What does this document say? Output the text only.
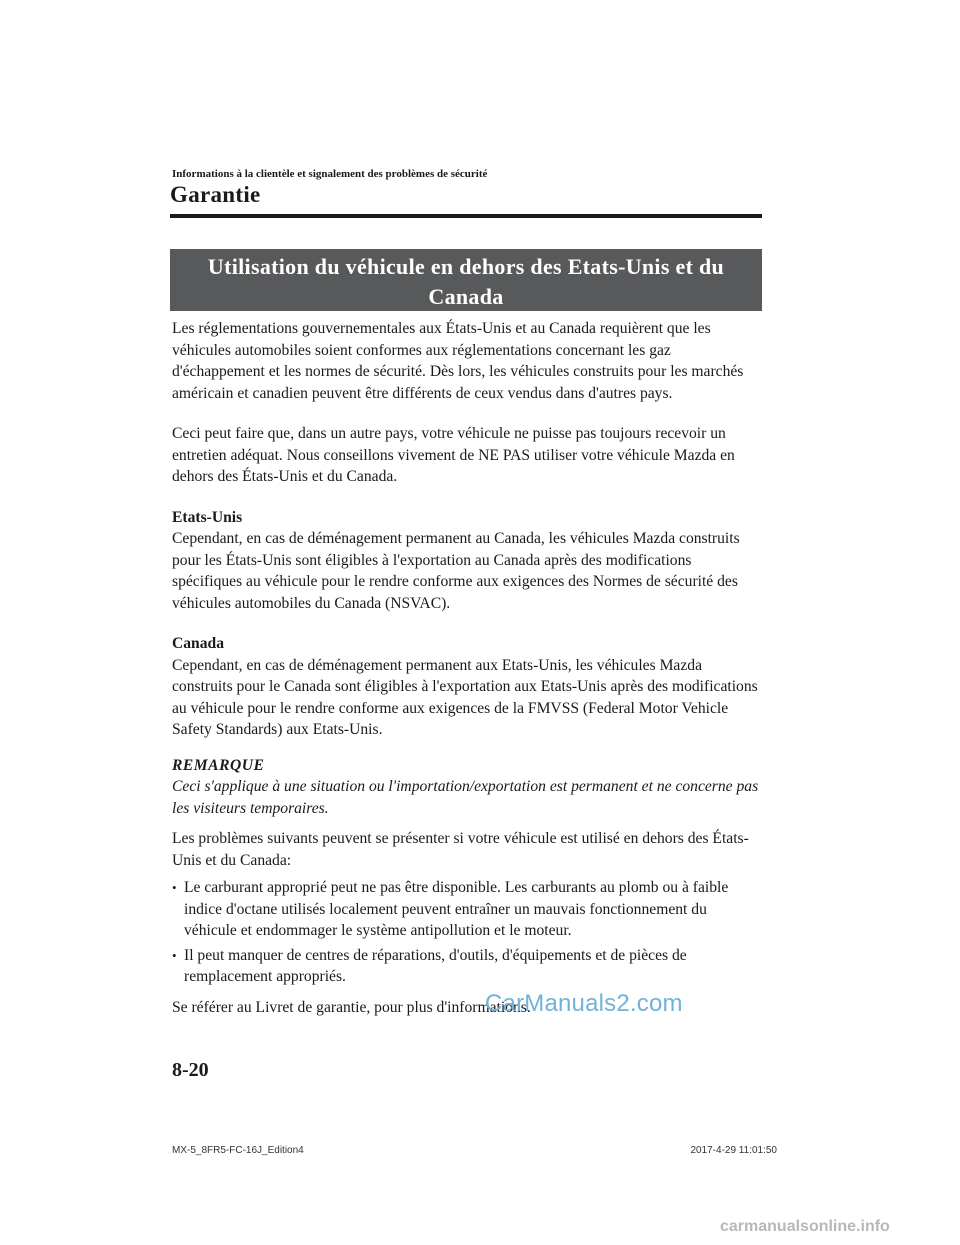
Informations à la clientèle et signalement des problèmes de sécurité
Garantie
Utilisation du véhicule en dehors des Etats-Unis et du
Canada

Les réglementations gouvernementales aux États-Unis et au Canada requièrent que les véhicules automobiles soient conformes aux réglementations concernant les gaz d'échappement et les normes de sécurité. Dès lors, les véhicules construits pour les marchés américain et canadien peuvent être différents de ceux vendus dans d'autres pays.

Ceci peut faire que, dans un autre pays, votre véhicule ne puisse pas toujours recevoir un entretien adéquat. Nous conseillons vivement de NE PAS utiliser votre véhicule Mazda en dehors des États-Unis et du Canada.

Etats-Unis

Cependant, en cas de déménagement permanent au Canada, les véhicules Mazda construits pour les États-Unis sont éligibles à l'exportation au Canada après des modifications spécifiques au véhicule pour le rendre conforme aux exigences des Normes de sécurité des véhicules automobiles du Canada (NSVAC).

Canada

Cependant, en cas de déménagement permanent aux Etats-Unis, les véhicules Mazda construits pour le Canada sont éligibles à l'exportation aux Etats-Unis après des modifications au véhicule pour le rendre conforme aux exigences de la FMVSS (Federal Motor Vehicle Safety Standards) aux Etats-Unis.

REMARQUE

Ceci s'applique à une situation ou l'importation/exportation est permanent et ne concerne pas les visiteurs temporaires.

Les problèmes suivants peuvent se présenter si votre véhicule est utilisé en dehors des États-Unis et du Canada:

• Le carburant approprié peut ne pas être disponible. Les carburants au plomb ou à faible indice d'octane utilisés localement peuvent entraîner un mauvais fonctionnement du véhicule et endommager le système antipollution et le moteur.
• Il peut manquer de centres de réparations, d'outils, d'équipements et de pièces de remplacement appropriés.

Se référer au Livret de garantie, pour plus d'informations.

CarManuals2.com
8-20
MX-5_8FR5-FC-16J_Edition4	2017-4-29 11:01:50
carmanualsonline.info
